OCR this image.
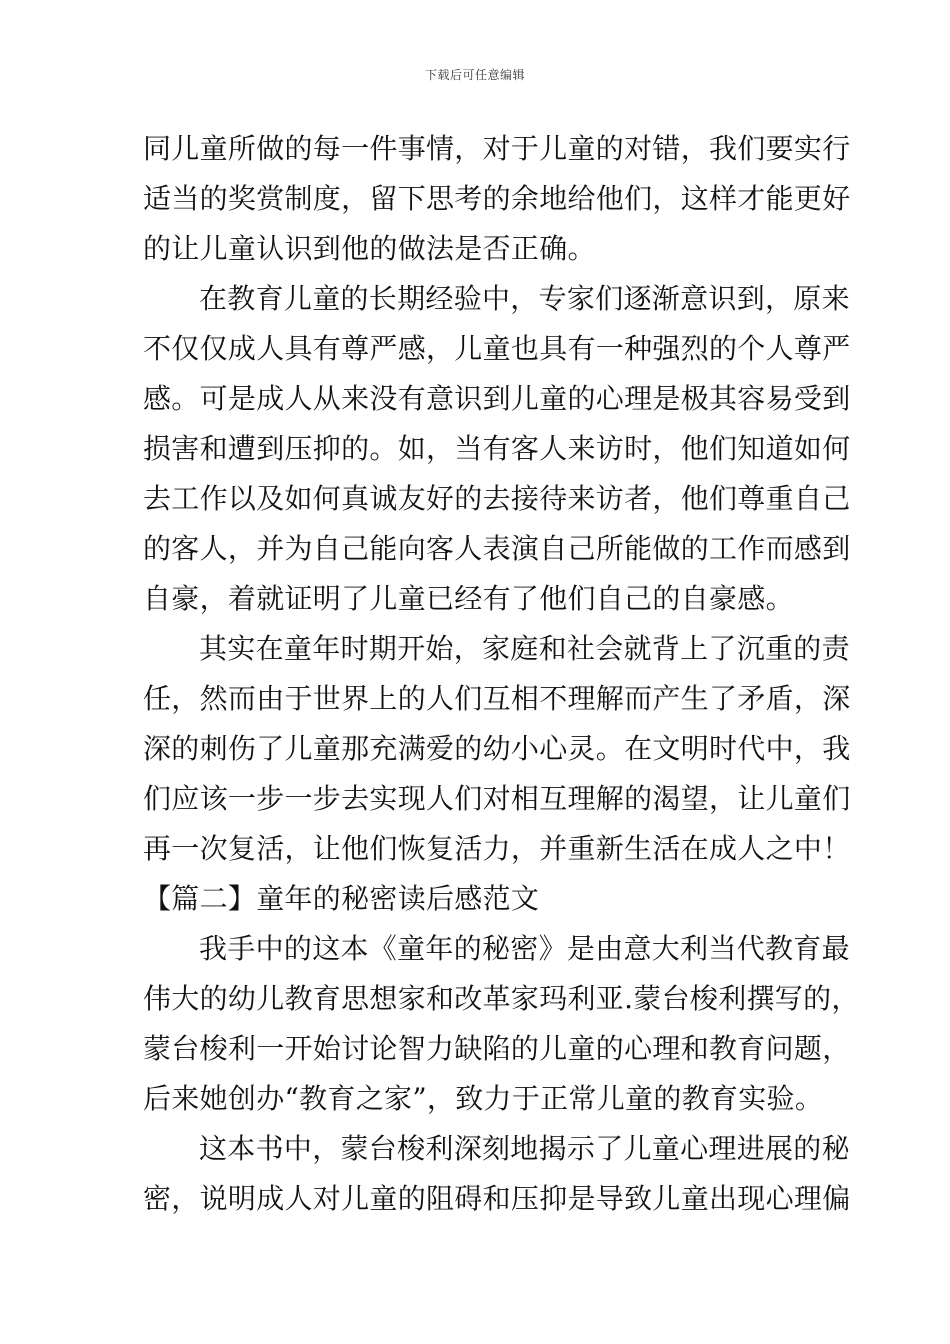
下载后可任意编辑
同儿童所做的每一件事情，对于儿童的对错，我们要实行
适当的奖赏制度，留下思考的余地给他们，这样才能更好
的让儿童认识到他的做法是否正确。
在教育儿童的长期经验中，专家们逐渐意识到，原来
不仅仅成人具有尊严感，儿童也具有一种强烈的个人尊严
感。可是成人从来没有意识到儿童的心理是极其容易受到
损害和遭到压抑的。如，当有客人来访时，他们知道如何
去工作以及如何真诚友好的去接待来访者，他们尊重自己
的客人，并为自己能向客人表演自己所能做的工作而感到
自豪，着就证明了儿童已经有了他们自己的自豪感。
其实在童年时期开始，家庭和社会就背上了沉重的责
任，然而由于世界上的人们互相不理解而产生了矛盾，深
深的刺伤了儿童那充满爱的幼小心灵。在文明时代中，我
们应该一步一步去实现人们对相互理解的渴望，让儿童们
再一次复活，让他们恢复活力，并重新生活在成人之中！
【篇二】童年的秘密读后感范文
我手中的这本《童年的秘密》是由意大利当代教育最
伟大的幼儿教育思想家和改革家玛利亚.蒙台梭利撰写的，
蒙台梭利一开始讨论智力缺陷的儿童的心理和教育问题，
后来她创办“教育之家”，致力于正常儿童的教育实验。
这本书中，蒙台梭利深刻地揭示了儿童心理进展的秘
密，说明成人对儿童的阻碍和压抑是导致儿童出现心理偏
